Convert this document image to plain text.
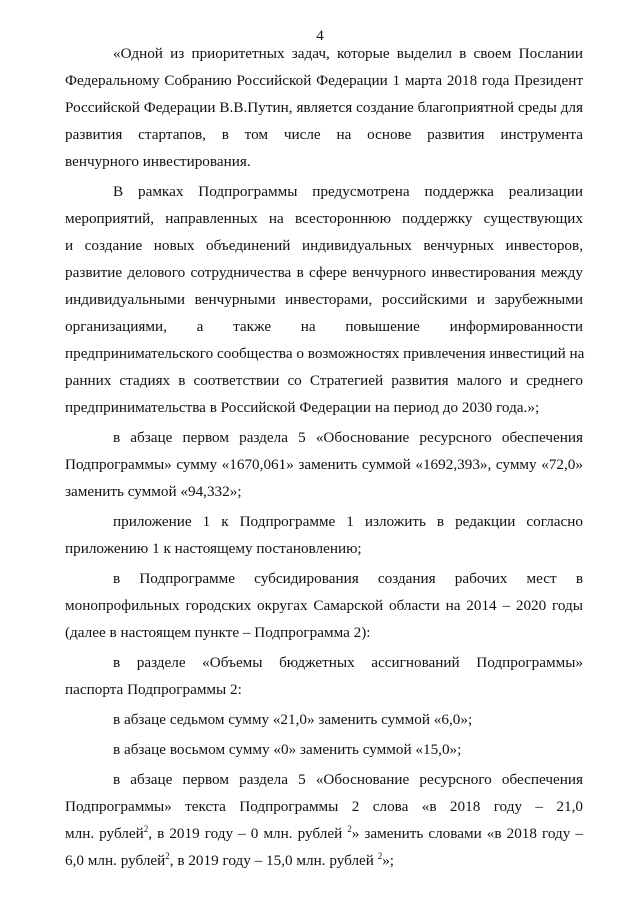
4

«Одной из приоритетных задач, которые выделил в своем Послании
Федеральному Собранию Российской Федерации 1 марта 2018 года Президент
Российской Федерации В.В.Путин, является создание благоприятной среды для
развития стартапов, в том числе на основе развития инструмента
венчурного инвестирования.

В рамках Подпрограммы предусмотрена поддержка реализации
мероприятий, направленных на всестороннюю поддержку существующих
и создание новых объединений индивидуальных венчурных инвесторов,
развитие делового сотрудничества в сфере венчурного инвестирования между
индивидуальными венчурными инвесторами, российскими и зарубежными
организациями, а также на повышение информированности
предпринимательского сообщества о возможностях привлечения инвестиций на
ранних стадиях в соответствии со Стратегией развития малого и среднего
предпринимательства в Российской Федерации на период до 2030 года.»;

в абзаце первом раздела 5 «Обоснование ресурсного обеспечения
Подпрограммы» сумму «1670,061» заменить суммой «1692,393», сумму «72,0»
заменить суммой «94,332»;

приложение 1 к Подпрограмме 1 изложить в редакции согласно
приложению 1 к настоящему постановлению;

в Подпрограмме субсидирования создания рабочих мест в
монопрофильных городских округах Самарской области на 2014 – 2020 годы
(далее в настоящем пункте – Подпрограмма 2):

в разделе «Объемы бюджетных ассигнований Подпрограммы»
паспорта Подпрограммы 2:

в абзаце седьмом сумму «21,0» заменить суммой «6,0»;

в абзаце восьмом сумму «0» заменить суммой «15,0»;

в абзаце первом раздела 5 «Обоснование ресурсного обеспечения
Подпрограммы» текста Подпрограммы 2 слова «в 2018 году – 21,0
млн. рублей$^2$, в 2019 году – 0 млн. рублей $^2$» заменить словами «в 2018 году –
6,0 млн. рублей$^2$, в 2019 году – 15,0 млн. рублей $^2$»;
